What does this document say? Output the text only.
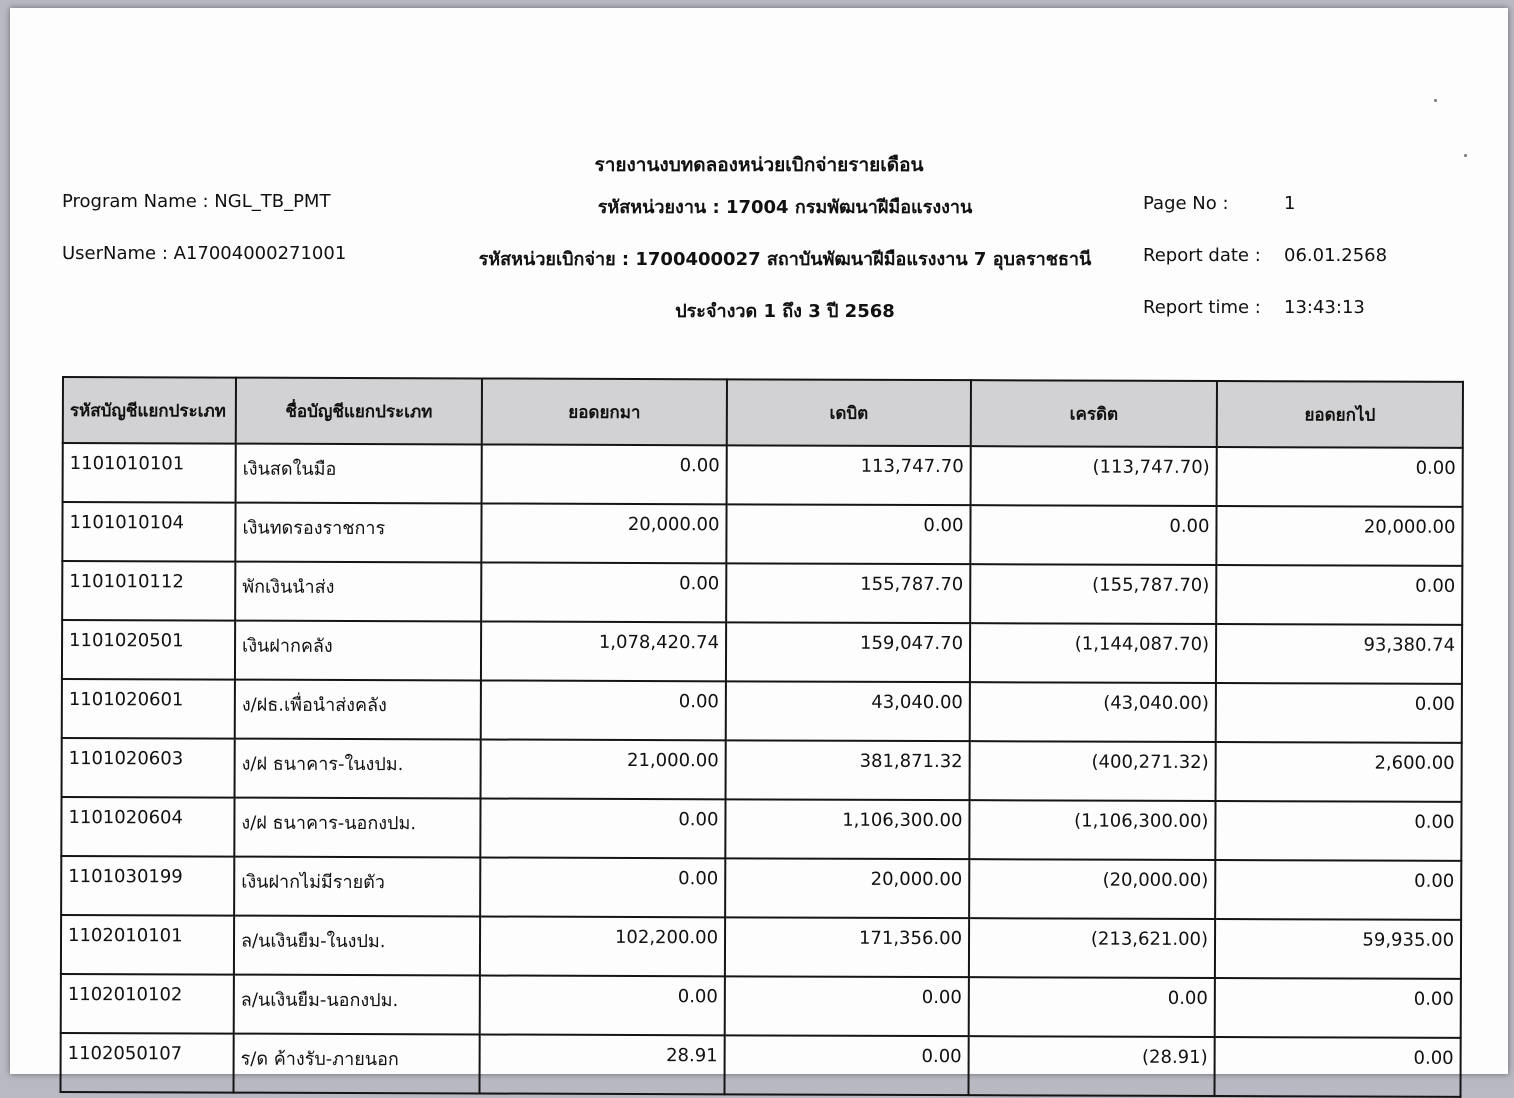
รายงานงบทดลองหน่วยเบิกจ่ายรายเดือน
Program Name : NGL_TB_PMT
UserName : A17004000271001
รหัสหน่วยงาน : 17004 กรมพัฒนาฝีมือแรงงาน
รหัสหน่วยเบิกจ่าย : 1700400027 สถาบันพัฒนาฝีมือแรงงาน 7 อุบลราชธานี
ประจำงวด 1 ถึง 3 ปี 2568
Page No :	1
Report date : 06.01.2568
Report time : 13:43:13
รหัสบัญชีแยกประเภท	ชื่อบัญชีแยกประเภท	ยอดยกมา	เดบิต	เครดิต	ยอดยกไป
1101010101	เงินสดในมือ	0.00	113,747.70	(113,747.70)	0.00
1101010104	เงินทดรองราชการ	20,000.00	0.00	0.00	20,000.00
1101010112	พักเงินนำส่ง	0.00	155,787.70	(155,787.70)	0.00
1101020501	เงินฝากคลัง	1,078,420.74	159,047.70	(1,144,087.70)	93,380.74
1101020601	ง/ฝธ.เพื่อนำส่งคลัง	0.00	43,040.00	(43,040.00)	0.00
1101020603	ง/ฝ ธนาคาร-ในงปม.	21,000.00	381,871.32	(400,271.32)	2,600.00
1101020604	ง/ฝ ธนาคาร-นอกงปม.	0.00	1,106,300.00	(1,106,300.00)	0.00
1101030199	เงินฝากไม่มีรายตัว	0.00	20,000.00	(20,000.00)	0.00
1102010101	ล/นเงินยืม-ในงปม.	102,200.00	171,356.00	(213,621.00)	59,935.00
1102010102	ล/นเงินยืม-นอกงปม.	0.00	0.00	0.00	0.00
1102050107	ร/ด ค้างรับ-ภายนอก	28.91	0.00	(28.91)	0.00
